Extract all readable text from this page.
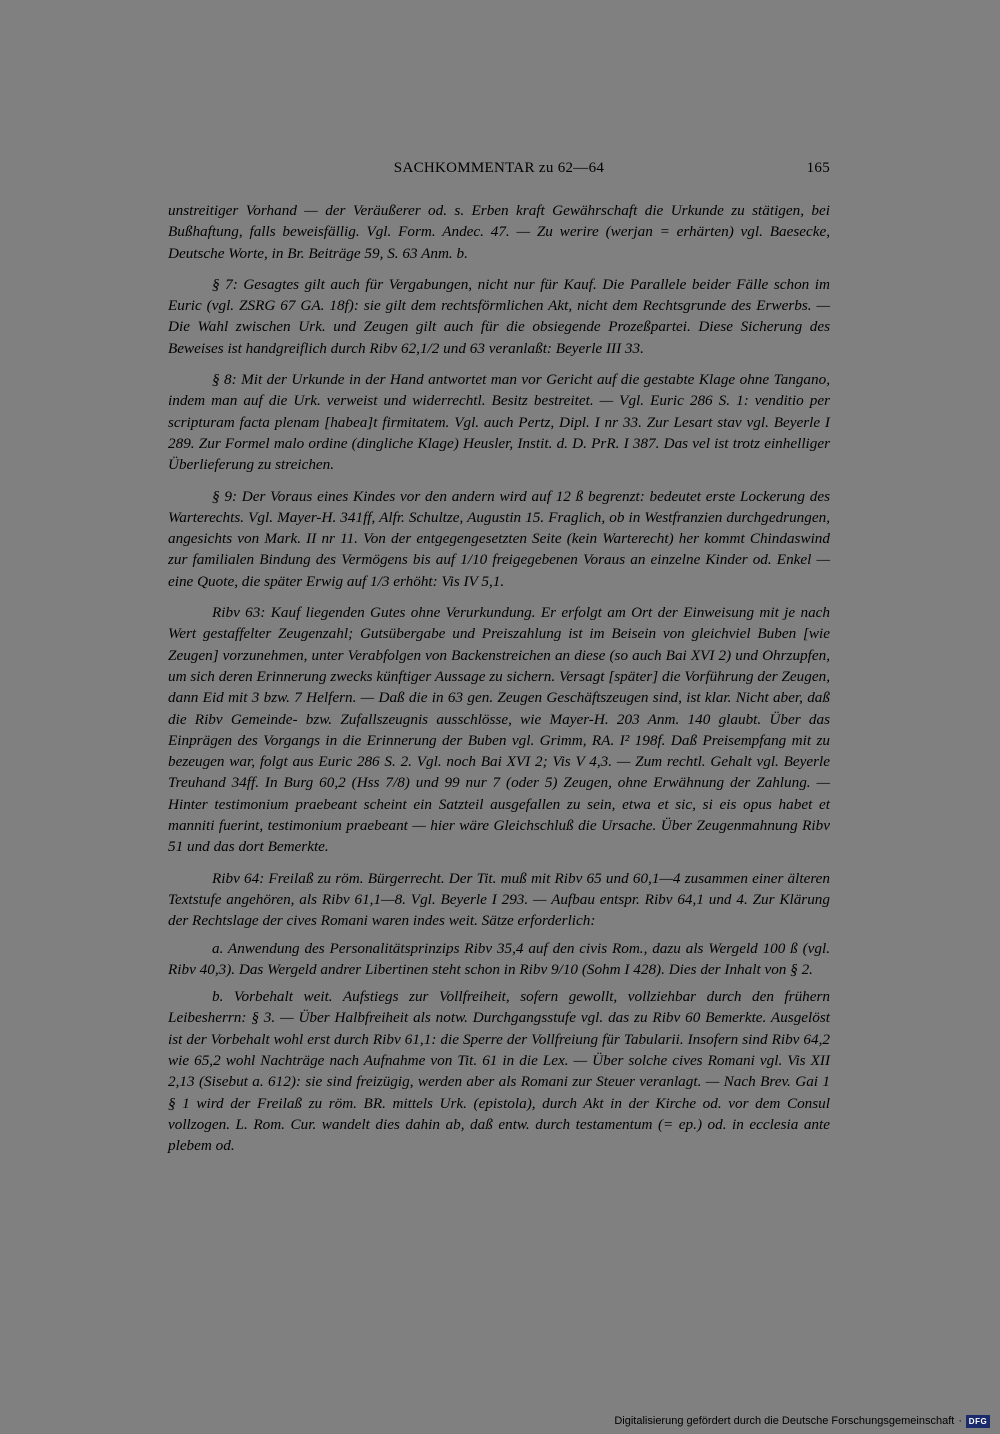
SACHKOMMENTAR zu 62—64	165

unstreitiger Vorhand — der Veräußerer od. s. Erben kraft Gewährschaft die Urkunde zu stätigen, bei Bußhaftung, falls beweisfällig. Vgl. Form. Andec. 47. — Zu werire (werjan = erhärten) vgl. Baesecke, Deutsche Worte, in Br. Beiträge 59, S. 63 Anm. b.

§ 7: Gesagtes gilt auch für Vergabungen, nicht nur für Kauf. Die Parallele beider Fälle schon im Euric (vgl. ZSRG 67 GA. 18f): sie gilt dem rechtsförmlichen Akt, nicht dem Rechtsgrunde des Erwerbs. — Die Wahl zwischen Urk. und Zeugen gilt auch für die obsiegende Prozeßpartei. Diese Sicherung des Beweises ist handgreiflich durch Ribv 62,1/2 und 63 veranlaßt: Beyerle III 33.

§ 8: Mit der Urkunde in der Hand antwortet man vor Gericht auf die gestabte Klage ohne Tangano, indem man auf die Urk. verweist und widerrechtl. Besitz bestreitet. — Vgl. Euric 286 S. 1: venditio per scripturam facta plenam [habea]t firmitatem. Vgl. auch Pertz, Dipl. I nr 33. Zur Lesart stav vgl. Beyerle I 289. Zur Formel malo ordine (dingliche Klage) Heusler, Instit. d. D. PrR. I 387. Das vel ist trotz einhelliger Überlieferung zu streichen.

§ 9: Der Voraus eines Kindes vor den andern wird auf 12 ß begrenzt: bedeutet erste Lockerung des Warterechts. Vgl. Mayer-H. 341ff, Alfr. Schultze, Augustin 15. Fraglich, ob in Westfranzien durchgedrungen, angesichts von Mark. II nr 11. Von der entgegengesetzten Seite (kein Warterecht) her kommt Chindaswind zur familialen Bindung des Vermögens bis auf 1/10 freigegebenen Voraus an einzelne Kinder od. Enkel — eine Quote, die später Erwig auf 1/3 erhöht: Vis IV 5,1.

Ribv 63: Kauf liegenden Gutes ohne Verurkundung. Er erfolgt am Ort der Einweisung mit je nach Wert gestaffelter Zeugenzahl; Gutsübergabe und Preiszahlung ist im Beisein von gleichviel Buben [wie Zeugen] vorzunehmen, unter Verabfolgen von Backenstreichen an diese (so auch Bai XVI 2) und Ohrzupfen, um sich deren Erinnerung zwecks künftiger Aussage zu sichern. Versagt [später] die Vorführung der Zeugen, dann Eid mit 3 bzw. 7 Helfern. — Daß die in 63 gen. Zeugen Geschäftszeugen sind, ist klar. Nicht aber, daß die Ribv Gemeinde- bzw. Zufallszeugnis ausschlösse, wie Mayer-H. 203 Anm. 140 glaubt. Über das Einprägen des Vorgangs in die Erinnerung der Buben vgl. Grimm, RA. I² 198f. Daß Preisempfang mit zu bezeugen war, folgt aus Euric 286 S. 2. Vgl. noch Bai XVI 2; Vis V 4,3. — Zum rechtl. Gehalt vgl. Beyerle Treuhand 34ff. In Burg 60,2 (Hss 7/8) und 99 nur 7 (oder 5) Zeugen, ohne Erwähnung der Zahlung. — Hinter testimonium praebeant scheint ein Satzteil ausgefallen zu sein, etwa et sic, si eis opus habet et manniti fuerint, testimonium praebeant — hier wäre Gleichschluß die Ursache. Über Zeugenmahnung Ribv 51 und das dort Bemerkte.

Ribv 64: Freilaß zu röm. Bürgerrecht. Der Tit. muß mit Ribv 65 und 60,1—4 zusammen einer älteren Textstufe angehören, als Ribv 61,1—8. Vgl. Beyerle I 293. — Aufbau entspr. Ribv 64,1 und 4. Zur Klärung der Rechtslage der cives Romani waren indes weit. Sätze erforderlich:

a. Anwendung des Personalitätsprinzips Ribv 35,4 auf den civis Rom., dazu als Wergeld 100 ß (vgl. Ribv 40,3). Das Wergeld andrer Libertinen steht schon in Ribv 9/10 (Sohm I 428). Dies der Inhalt von § 2.

b. Vorbehalt weit. Aufstiegs zur Vollfreiheit, sofern gewollt, vollziehbar durch den frühern Leibesherrn: § 3. — Über Halbfreiheit als notw. Durchgangsstufe vgl. das zu Ribv 60 Bemerkte. Ausgelöst ist der Vorbehalt wohl erst durch Ribv 61,1: die Sperre der Vollfreiung für Tabularii. Insofern sind Ribv 64,2 wie 65,2 wohl Nachträge nach Aufnahme von Tit. 61 in die Lex. — Über solche cives Romani vgl. Vis XII 2,13 (Sisebut a. 612): sie sind freizügig, werden aber als Romani zur Steuer veranlagt. — Nach Brev. Gai 1 § 1 wird der Freilaß zu röm. BR. mittels Urk. (epistola), durch Akt in der Kirche od. vor dem Consul vollzogen. L. Rom. Cur. wandelt dies dahin ab, daß entw. durch testamentum (= ep.) od. in ecclesia ante plebem od.

Digitalisierung gefördert durch die Deutsche Forschungsgemeinschaft · DFG
